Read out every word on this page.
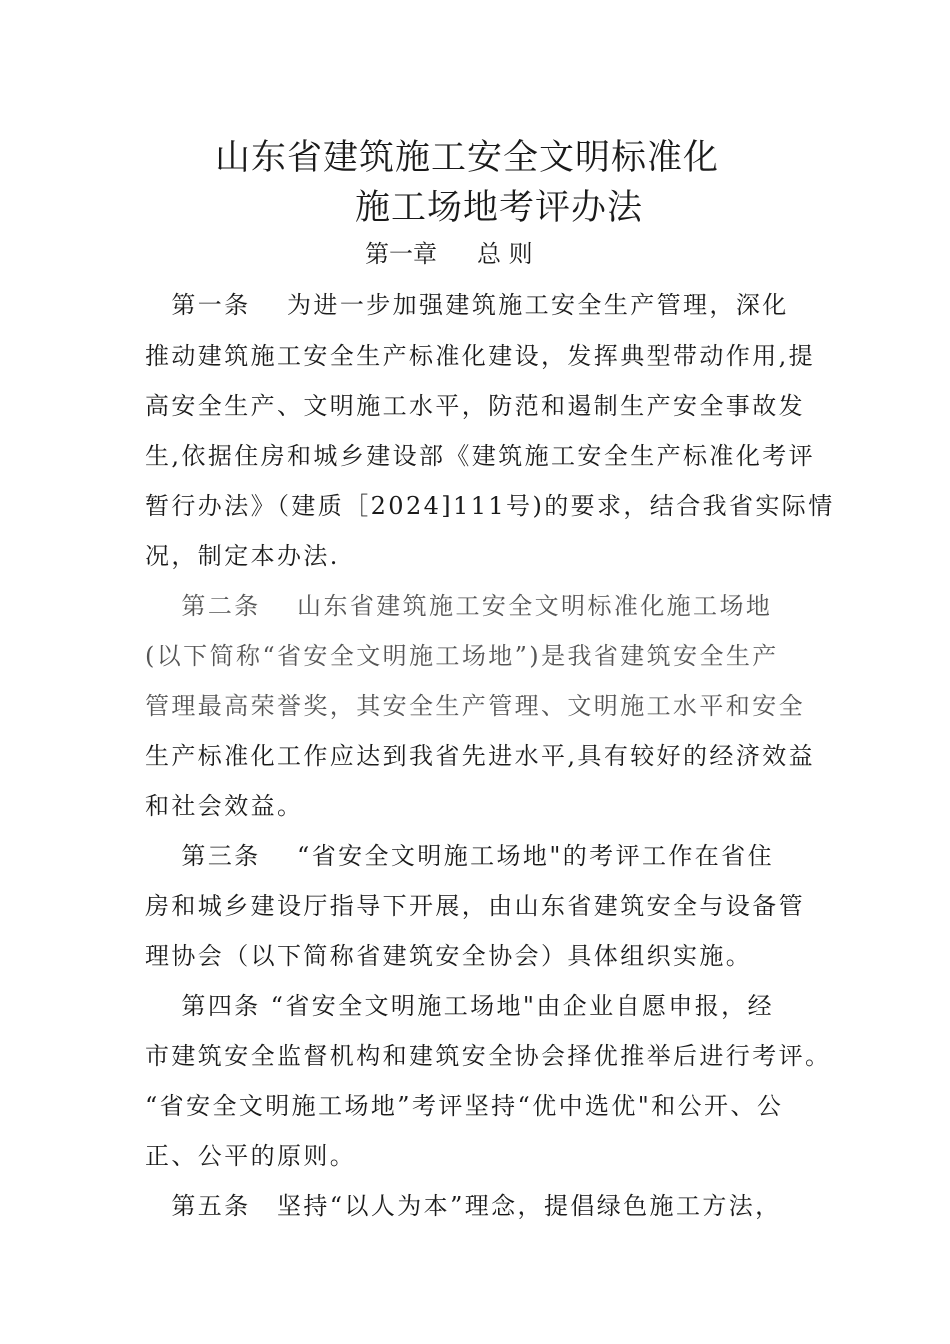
山东省建筑施工安全文明标准化
施工场地考评办法
第一章 总 则
　第一条　 为进一步加强建筑施工安全生产管理，深化
推动建筑施工安全生产标准化建设，发挥典型带动作用,提
高安全生产、文明施工水平，防范和遏制生产安全事故发
生,依据住房和城乡建设部《建筑施工安全生产标准化考评
暂行办法》（建质［2024]111号)的要求，结合我省实际情
况，制定本办法.
　 第二条　 山东省建筑施工安全文明标准化施工场地
(以下简称“省安全文明施工场地”)是我省建筑安全生产
管理最高荣誉奖，其安全生产管理、文明施工水平和安全
生产标准化工作应达到我省先进水平,具有较好的经济效益
和社会效益。
　 第三条　 “省安全文明施工场地"的考评工作在省住
房和城乡建设厅指导下开展，由山东省建筑安全与设备管
理协会（以下简称省建筑安全协会）具体组织实施。
　 第四条 “省安全文明施工场地"由企业自愿申报，经
市建筑安全监督机构和建筑安全协会择优推举后进行考评。
“省安全文明施工场地”考评坚持“优中选优"和公开、公
正、公平的原则。
　第五条　坚持“以人为本”理念，提倡绿色施工方法，
